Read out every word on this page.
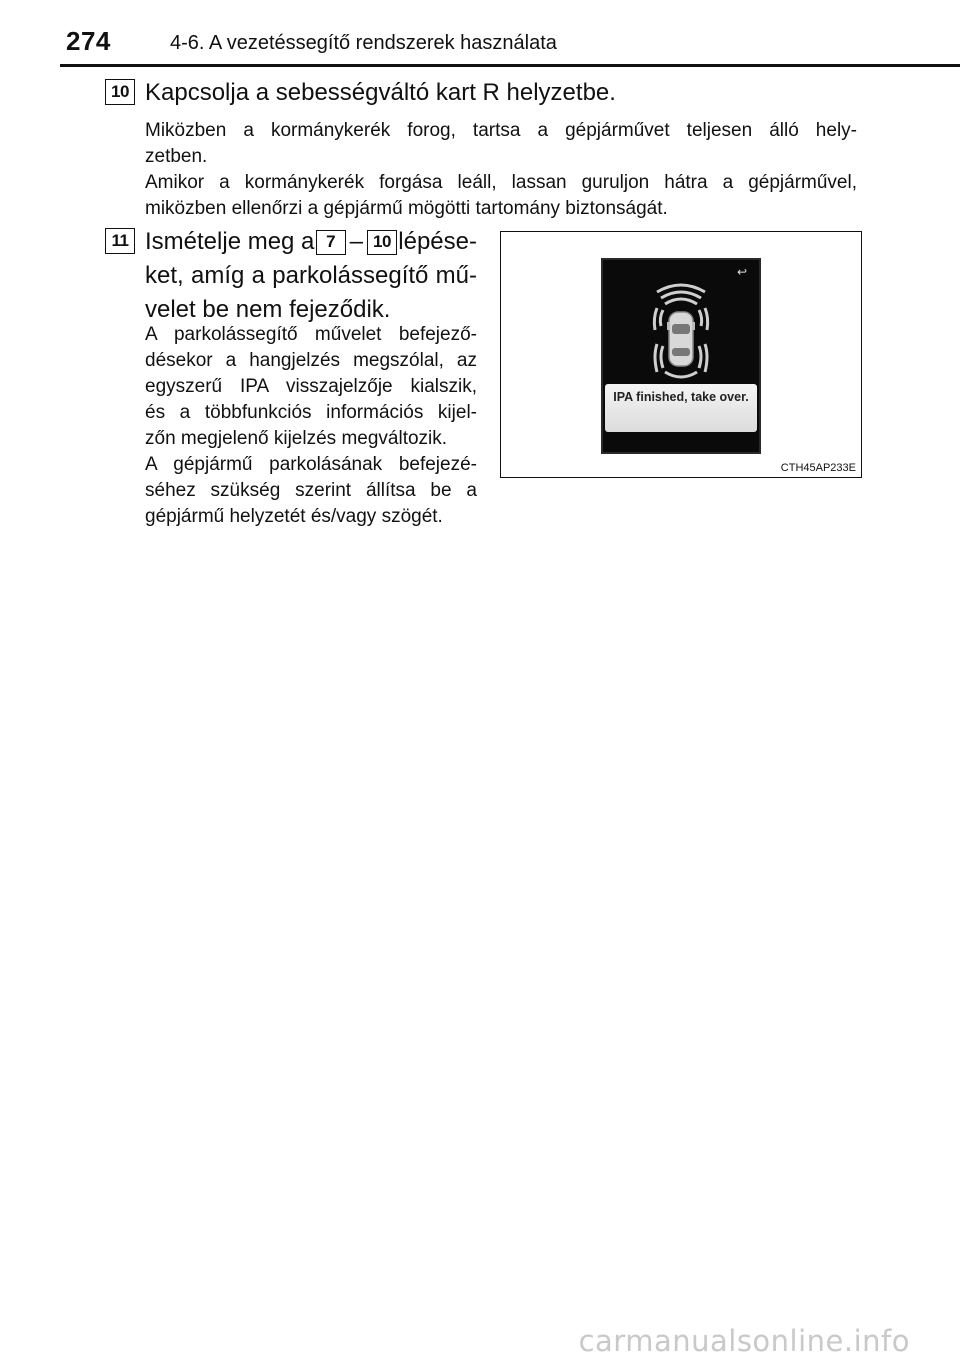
274	4-6. A vezetéssegítő rendszerek használata
10 Kapcsolja a sebességváltó kart R helyzetbe.
Miközben a kormánykerék forog, tartsa a gépjárművet teljesen álló hely-
zetben.
Amikor a kormánykerék forgása leáll, lassan guruljon hátra a gépjárművel,
miközben ellenőrzi a gépjármű mögötti tartomány biztonságát.
11 Ismételje meg a 7 – 10 lépése-
ket, amíg a parkolássegítő mű-
velet be nem fejeződik.
A parkolássegítő művelet befejező-
désekor a hangjelzés megszólal, az
egyszerű IPA visszajelzője kialszik,
és a többfunkciós információs kijel-
zőn megjelenő kijelzés megváltozik.
A gépjármű parkolásának befejezé-
séhez szükség szerint állítsa be a
gépjármű helyzetét és/vagy szögét.
↩
IPA finished, take over.
CTH45AP233E
carmanualsonline.info
